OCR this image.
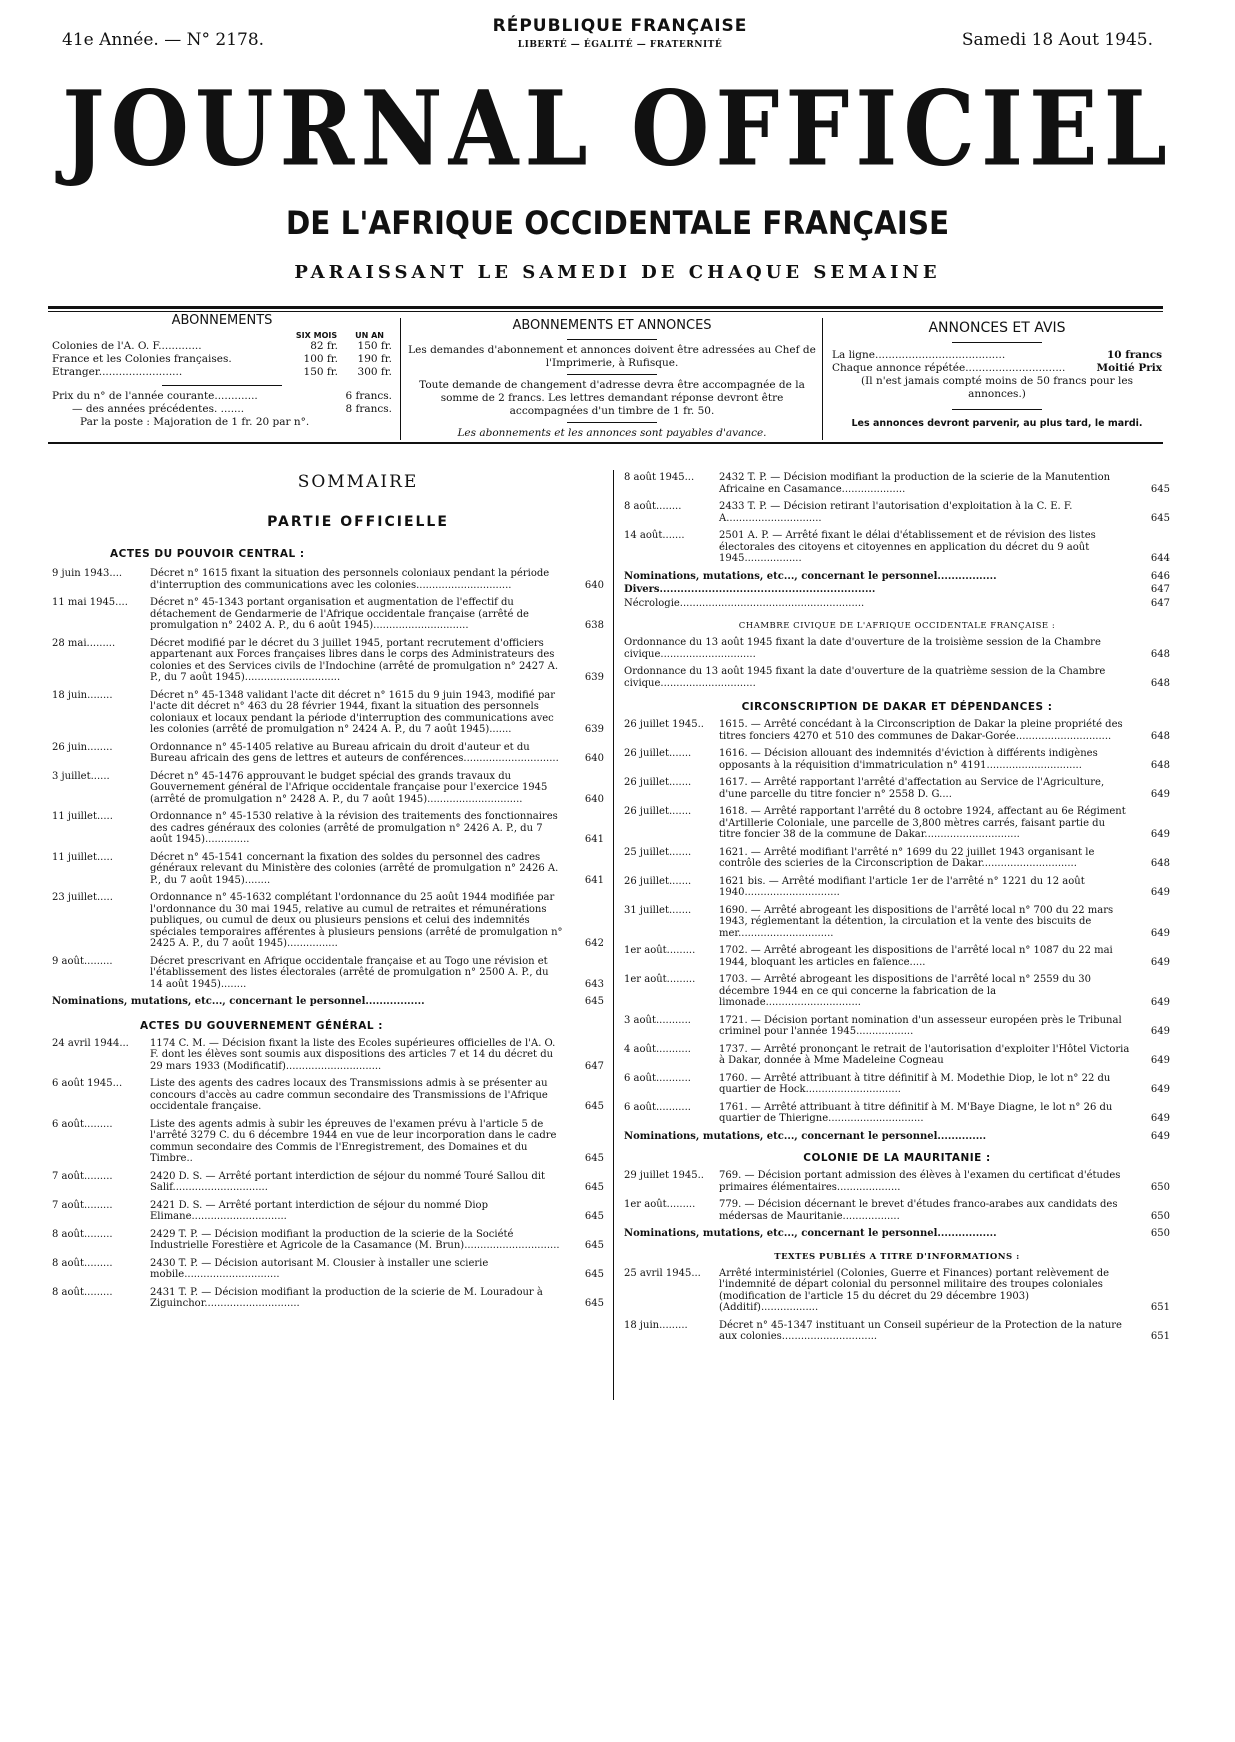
41e Année. — N° 2178.
RÉPUBLIQUE FRANÇAISE
LIBERTÉ — ÉGALITÉ — FRATERNITÉ	Samedi 18 Aout 1945.
JOURNAL OFFICIEL
DE L'AFRIQUE OCCIDENTALE FRANÇAISE
PARAISSANT LE SAMEDI DE CHAQUE SEMAINE
ABONNEMENTS
SIX MOIS UN AN
Colonies de l'A. O. F.............	82 fr.	150 fr.
France et les Colonies françaises.	100 fr.	190 fr.
Etranger.........................	150 fr.	300 fr.
Prix du n° de l'année courante.............	6 francs.
— des années précédentes. .......	8 francs.
Par la poste : Majoration de 1 fr. 20 par n°.
ABONNEMENTS ET ANNONCES
Les demandes d'abonnement et annonces doivent être adressées au Chef de l'Imprimerie, à Rufisque.
Toute demande de changement d'adresse devra être accompagnée de la somme de 2 francs. Les lettres demandant réponse devront être accompagnées d'un timbre de 1 fr. 50.
Les abonnements et les annonces sont payables d'avance.
ANNONCES ET AVIS
La ligne.......................................	10 francs
Chaque annonce répétée..............................	Moitié Prix
(Il n'est jamais compté moins de 50 francs pour les annonces.)
Les annonces devront parvenir, au plus tard, le mardi.
SOMMAIRE
PARTIE OFFICIELLE
ACTES DU POUVOIR CENTRAL :
9 juin 1943....	Décret n° 1615 fixant la situation des personnels coloniaux pendant la période d'interruption des communications avec les colonies..............................	640
11 mai 1945....	Décret n° 45-1343 portant organisation et augmentation de l'effectif du détachement de Gendarmerie de l'Afrique occidentale française (arrêté de promulgation n° 2402 A. P., du 6 août 1945)..............................	638
28 mai.........	Décret modifié par le décret du 3 juillet 1945, portant recrutement d'officiers appartenant aux Forces françaises libres dans le corps des Administrateurs des colonies et des Services civils de l'Indochine (arrêté de promulgation n° 2427 A. P., du 7 août 1945)..............................	639
18 juin........	Décret n° 45-1348 validant l'acte dit décret n° 1615 du 9 juin 1943, modifié par l'acte dit décret n° 463 du 28 février 1944, fixant la situation des personnels coloniaux et locaux pendant la période d'interruption des communications avec les colonies (arrêté de promulgation n° 2424 A. P., du 7 août 1945).......	639
26 juin........	Ordonnance n° 45-1405 relative au Bureau africain du droit d'auteur et du Bureau africain des gens de lettres et auteurs de conférences..............................	640
3 juillet......	Décret n° 45-1476 approuvant le budget spécial des grands travaux du Gouvernement général de l'Afrique occidentale française pour l'exercice 1945 (arrêté de promulgation n° 2428 A. P., du 7 août 1945)..............................	640
11 juillet.....	Ordonnance n° 45-1530 relative à la révision des traitements des fonctionnaires des cadres généraux des colonies (arrêté de promulgation n° 2426 A. P., du 7 août 1945)..............	641
11 juillet.....	Décret n° 45-1541 concernant la fixation des soldes du personnel des cadres généraux relevant du Ministère des colonies (arrêté de promulgation n° 2426 A. P., du 7 août 1945)........	641
23 juillet.....	Ordonnance n° 45-1632 complétant l'ordonnance du 25 août 1944 modifiée par l'ordonnance du 30 mai 1945, relative au cumul de retraites et rémunérations publiques, ou cumul de deux ou plusieurs pensions et celui des indemnités spéciales temporaires afférentes à plusieurs pensions (arrêté de promulgation n° 2425 A. P., du 7 août 1945)................	642
9 août.........	Décret prescrivant en Afrique occidentale française et au Togo une révision et l'établissement des listes électorales (arrêté de promulgation n° 2500 A. P., du 14 août 1945)........	643
Nominations, mutations, etc..., concernant le personnel.................	645
ACTES DU GOUVERNEMENT GÉNÉRAL :
24 avril 1944...	1174 C. M. — Décision fixant la liste des Ecoles supérieures officielles de l'A. O. F. dont les élèves sont soumis aux dispositions des articles 7 et 14 du décret du 29 mars 1933 (Modificatif)..............................	647
6 août 1945...	Liste des agents des cadres locaux des Transmissions admis à se présenter au concours d'accès au cadre commun secondaire des Transmissions de l'Afrique occidentale française.	645
6 août.........	Liste des agents admis à subir les épreuves de l'examen prévu à l'article 5 de l'arrêté 3279 C. du 6 décembre 1944 en vue de leur incorporation dans le cadre commun secondaire des Commis de l'Enregistrement, des Domaines et du Timbre..	645
7 août.........	2420 D. S. — Arrêté portant interdiction de séjour du nommé Touré Sallou dit Salif..............................	645
7 août.........	2421 D. S. — Arrêté portant interdiction de séjour du nommé Diop Elimane..............................	645
8 août.........	2429 T. P. — Décision modifiant la production de la scierie de la Société Industrielle Forestière et Agricole de la Casamance (M. Brun)..............................	645
8 août.........	2430 T. P. — Décision autorisant M. Clousier à installer une scierie mobile..............................	645
8 août.........	2431 T. P. — Décision modifiant la production de la scierie de M. Louradour à Ziguinchor..............................	645
8 août 1945...	2432 T. P. — Décision modifiant la production de la scierie de la Manutention Africaine en Casamance....................	645
8 août........	2433 T. P. — Décision retirant l'autorisation d'exploitation à la C. E. F. A..............................	645
14 août.......	2501 A. P. — Arrêté fixant le délai d'établissement et de révision des listes électorales des citoyens et citoyennes en application du décret du 9 août 1945..................	644
Nominations, mutations, etc..., concernant le personnel.................	646
Divers..............................................................	647
Nécrologie..........................................................	647
CHAMBRE CIVIQUE DE L'AFRIQUE OCCIDENTALE FRANÇAISE :
Ordonnance du 13 août 1945 fixant la date d'ouverture de la troisième session de la Chambre civique..............................	648
Ordonnance du 13 août 1945 fixant la date d'ouverture de la quatrième session de la Chambre civique..............................	648
CIRCONSCRIPTION DE DAKAR ET DÉPENDANCES :
26 juillet 1945..	1615. — Arrêté concédant à la Circonscription de Dakar la pleine propriété des titres fonciers 4270 et 510 des communes de Dakar-Gorée..............................	648
26 juillet.......	1616. — Décision allouant des indemnités d'éviction à différents indigènes opposants à la réquisition d'immatriculation n° 4191..............................	648
26 juillet.......	1617. — Arrêté rapportant l'arrêté d'affectation au Service de l'Agriculture, d'une parcelle du titre foncier n° 2558 D. G....	649
26 juillet.......	1618. — Arrêté rapportant l'arrêté du 8 octobre 1924, affectant au 6e Régiment d'Artillerie Coloniale, une parcelle de 3,800 mètres carrés, faisant partie du titre foncier 38 de la commune de Dakar..............................	649
25 juillet.......	1621. — Arrêté modifiant l'arrêté n° 1699 du 22 juillet 1943 organisant le contrôle des scieries de la Circonscription de Dakar..............................	648
26 juillet.......	1621 bis. — Arrêté modifiant l'article 1er de l'arrêté n° 1221 du 12 août 1940..............................	649
31 juillet.......	1690. — Arrêté abrogeant les dispositions de l'arrêté local n° 700 du 22 mars 1943, réglementant la détention, la circulation et la vente des biscuits de mer..............................	649
1er août.........	1702. — Arrêté abrogeant les dispositions de l'arrêté local n° 1087 du 22 mai 1944, bloquant les articles en faïence.....	649
1er août.........	1703. — Arrêté abrogeant les dispositions de l'arrêté local n° 2559 du 30 décembre 1944 en ce qui concerne la fabrication de la limonade..............................	649
3 août...........	1721. — Décision portant nomination d'un assesseur européen près le Tribunal criminel pour l'année 1945..................	649
4 août...........	1737. — Arrêté prononçant le retrait de l'autorisation d'exploiter l'Hôtel Victoria à Dakar, donnée à Mme Madeleine Cogneau	649
6 août...........	1760. — Arrêté attribuant à titre définitif à M. Modethie Diop, le lot n° 22 du quartier de Hock..............................	649
6 août...........	1761. — Arrêté attribuant à titre définitif à M. M'Baye Diagne, le lot n° 26 du quartier de Thierigne..............................	649
Nominations, mutations, etc..., concernant le personnel..............	649
COLONIE DE LA MAURITANIE :
29 juillet 1945..	769. — Décision portant admission des élèves à l'examen du certificat d'études primaires élémentaires....................	650
1er août.........	779. — Décision décernant le brevet d'études franco-arabes aux candidats des médersas de Mauritanie..................	650
Nominations, mutations, etc..., concernant le personnel.................	650
TEXTES PUBLIÉS A TITRE D'INFORMATIONS :
25 avril 1945...	Arrêté interministériel (Colonies, Guerre et Finances) portant relèvement de l'indemnité de départ colonial du personnel militaire des troupes coloniales (modification de l'article 15 du décret du 29 décembre 1903) (Additif)..................	651
18 juin.........	Décret n° 45-1347 instituant un Conseil supérieur de la Protection de la nature aux colonies..............................	651
